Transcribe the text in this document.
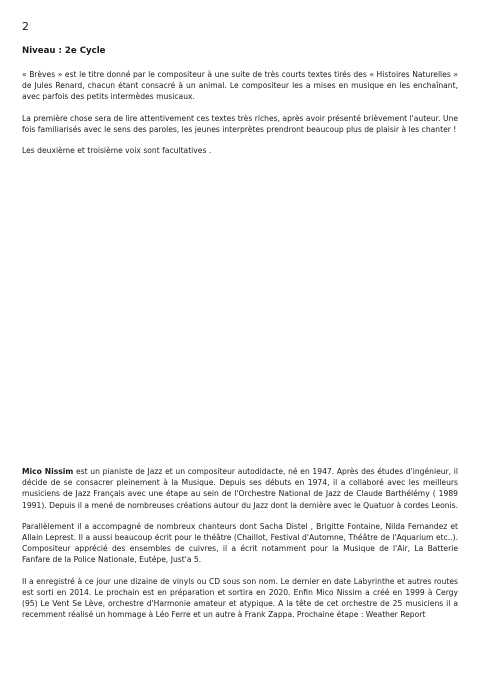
2
Niveau : 2e Cycle

« Brèves » est le titre donné par le compositeur à une suite de très courts textes tirés des « Histoires Naturelles » de Jules Renard, chacun étant consacré à un animal. Le compositeur les a mises en musique en les enchaînant, avec parfois des petits intermèdes musicaux.

La première chose sera de lire attentivement ces textes très riches, après avoir présenté brièvement l'auteur. Une fois familiarisés avec le sens des paroles, les jeunes interprètes prendront beaucoup plus de plaisir à les chanter !

Les deuxième et troisième voix sont facultatives .

Mico Nissim est un pianiste de Jazz et un compositeur autodidacte, né en 1947. Après des études d'ingénieur, il décide de se consacrer pleinement à la Musique. Depuis ses débuts en 1974, il a collaboré avec les meilleurs musiciens de Jazz Français avec une étape au sein de l'Orchestre National de Jazz de Claude Barthélémy ( 1989 1991). Depuis il a mené de nombreuses créations autour du Jazz dont la dernière avec le Quatuor à cordes Leonis.

Parallèlement il a accompagné de nombreux chanteurs dont Sacha Distel , Brigitte Fontaine, Nilda Fernandez et Allain Leprest. Il a aussi beaucoup écrit pour le théâtre (Chaillot, Festival d'Automne, Théâtre de l'Aquarium etc..). Compositeur apprécié des ensembles de cuivres, il a écrit notamment pour la Musique de l'Air, La Batterie Fanfare de la Police Nationale, Eutépe, Just'a 5.

Il a enregistré à ce jour une dizaine de vinyls ou CD sous son nom. Le dernier en date Labyrinthe et autres routes est sorti en 2014. Le prochain est en préparation et sortira en 2020. Enfin Mico Nissim a créé en 1999 à Cergy (95) Le Vent Se Lève, orchestre d'Harmonie amateur et atypique. A la tête de cet orchestre de 25 musiciens il a recemment réalisé un hommage à Léo Ferre et un autre à Frank Zappa. Prochaine étape : Weather Report
